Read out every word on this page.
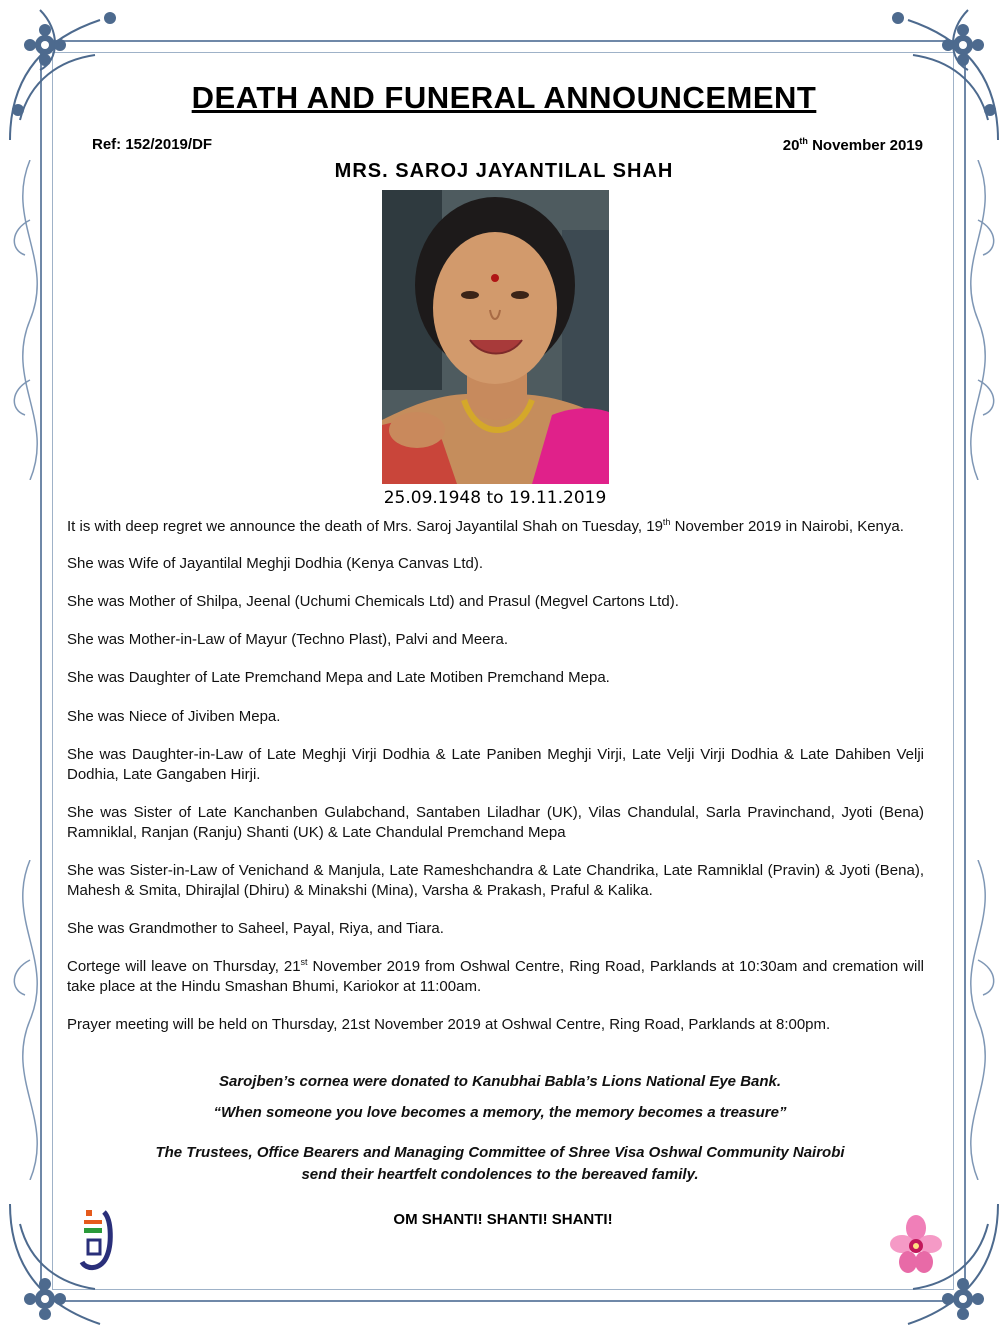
DEATH AND FUNERAL ANNOUNCEMENT
Ref: 152/2019/DF	20th November 2019
MRS. SAROJ JAYANTILAL SHAH
25.09.1948 to 19.11.2019

It is with deep regret we announce the death of Mrs. Saroj Jayantilal Shah on Tuesday, 19th November 2019 in Nairobi, Kenya.

She was Wife of Jayantilal Meghji Dodhia (Kenya Canvas Ltd).

She was Mother of Shilpa, Jeenal (Uchumi Chemicals Ltd) and Prasul (Megvel Cartons Ltd).

She was Mother-in-Law of Mayur (Techno Plast), Palvi and Meera.

She was Daughter of Late Premchand Mepa and Late Motiben Premchand Mepa.

She was Niece of Jiviben Mepa.

She was Daughter-in-Law of Late Meghji Virji Dodhia & Late Paniben Meghji Virji, Late Velji Virji Dodhia & Late Dahiben Velji Dodhia, Late Gangaben Hirji.

She was Sister of Late Kanchanben Gulabchand, Santaben Liladhar (UK), Vilas Chandulal, Sarla Pravinchand, Jyoti (Bena) Ramniklal, Ranjan (Ranju) Shanti (UK) & Late Chandulal Premchand Mepa

She was Sister-in-Law of Venichand & Manjula, Late Rameshchandra & Late Chandrika, Late Ramniklal (Pravin) & Jyoti (Bena), Mahesh & Smita, Dhirajlal (Dhiru) & Minakshi (Mina), Varsha & Prakash, Praful & Kalika.

She was Grandmother to Saheel, Payal, Riya, and Tiara.

Cortege will leave on Thursday, 21st November 2019 from Oshwal Centre, Ring Road, Parklands at 10:30am and cremation will take place at the Hindu Smashan Bhumi, Kariokor at 11:00am.

Prayer meeting will be held on Thursday, 21st November 2019 at Oshwal Centre, Ring Road, Parklands at 8:00pm.

Sarojben’s cornea were donated to Kanubhai Babla’s Lions National Eye Bank.
“When someone you love becomes a memory, the memory becomes a treasure”
The Trustees, Office Bearers and Managing Committee of Shree Visa Oshwal Community Nairobi
send their heartfelt condolences to the bereaved family.
OM SHANTI! SHANTI! SHANTI!
